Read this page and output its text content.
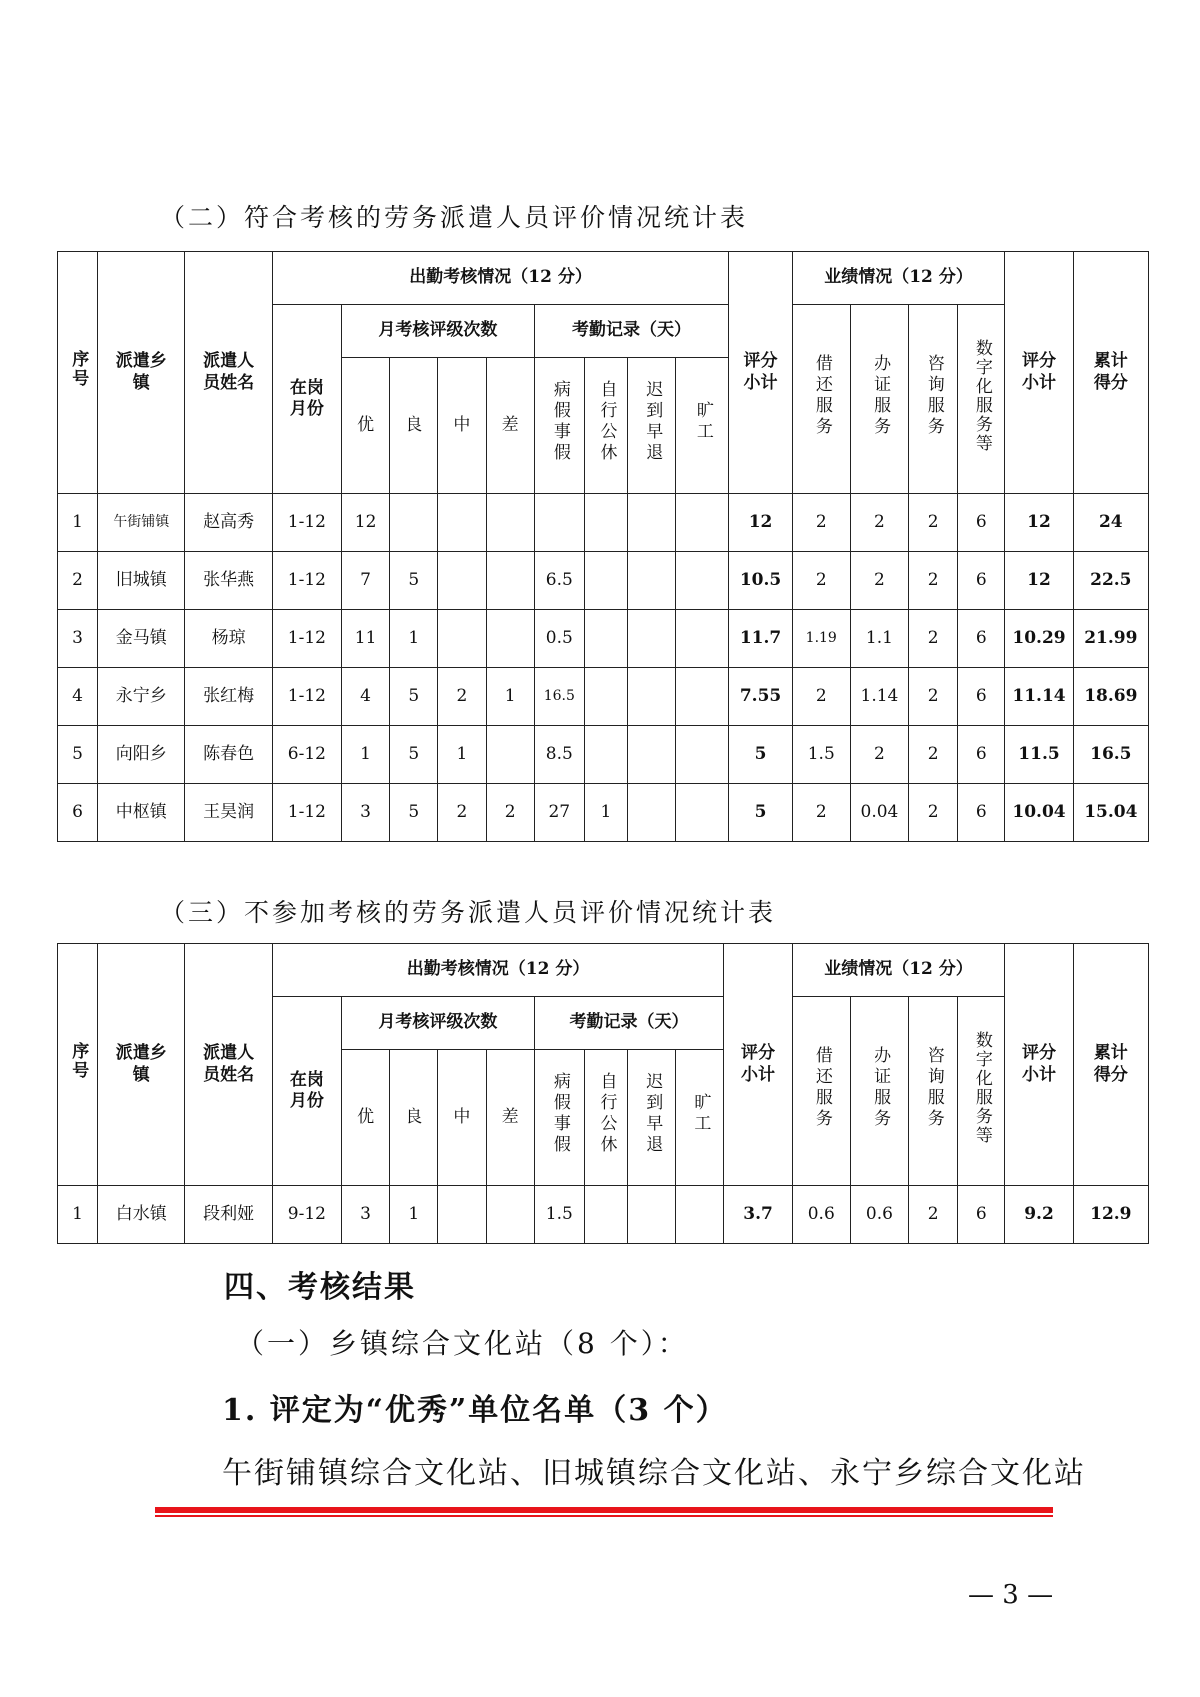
（二）符合考核的劳务派遣人员评价情况统计表
序号	派遣乡镇	派遣人员姓名	出勤考核情况（12 分）									评分小计	业绩情况（12 分）				评分小计	累计得分

			在岗月份	月考核评级次数				考勤记录（天）					借还服务	办证服务	咨询服务	数字化服务等		
				优	良	中	差	病假事假	自行公休	迟到早退	旷工							
1	午街铺镇	赵高秀	1-12	12								12	2	2	2	6	12	24
2	旧城镇	张华燕	1-12	7	5			6.5				10.5	2	2	2	6	12	22.5
3	金马镇	杨琼	1-12	11	1			0.5				11.7	1.19	1.1	2	6	10.29	21.99
4	永宁乡	张红梅	1-12	4	5	2	1	16.5				7.55	2	1.14	2	6	11.14	18.69
5	向阳乡	陈春色	6-12	1	5	1		8.5				5	1.5	2	2	6	11.5	16.5
6	中枢镇	王昊润	1-12	3	5	2	2	27	1			5	2	0.04	2	6	10.04	15.04
（三）不参加考核的劳务派遣人员评价情况统计表
序号	派遣乡镇	派遣人员姓名	出勤考核情况（12 分）									评分小计	业绩情况（12 分）				评分小计	累计得分

			在岗月份	月考核评级次数				考勤记录（天）					借还服务	办证服务	咨询服务	数字化服务等		
				优	良	中	差	病假事假	自行公休	迟到早退	旷工							
1	白水镇	段利娅	9-12	3	1			1.5				3.7	0.6	0.6	2	6	9.2	12.9
四、考核结果
（一）乡镇综合文化站（8 个）：
1. 评定为“优秀”单位名单（3 个）
午街铺镇综合文化站、旧城镇综合文化站、永宁乡综合文化站
— 3 —
